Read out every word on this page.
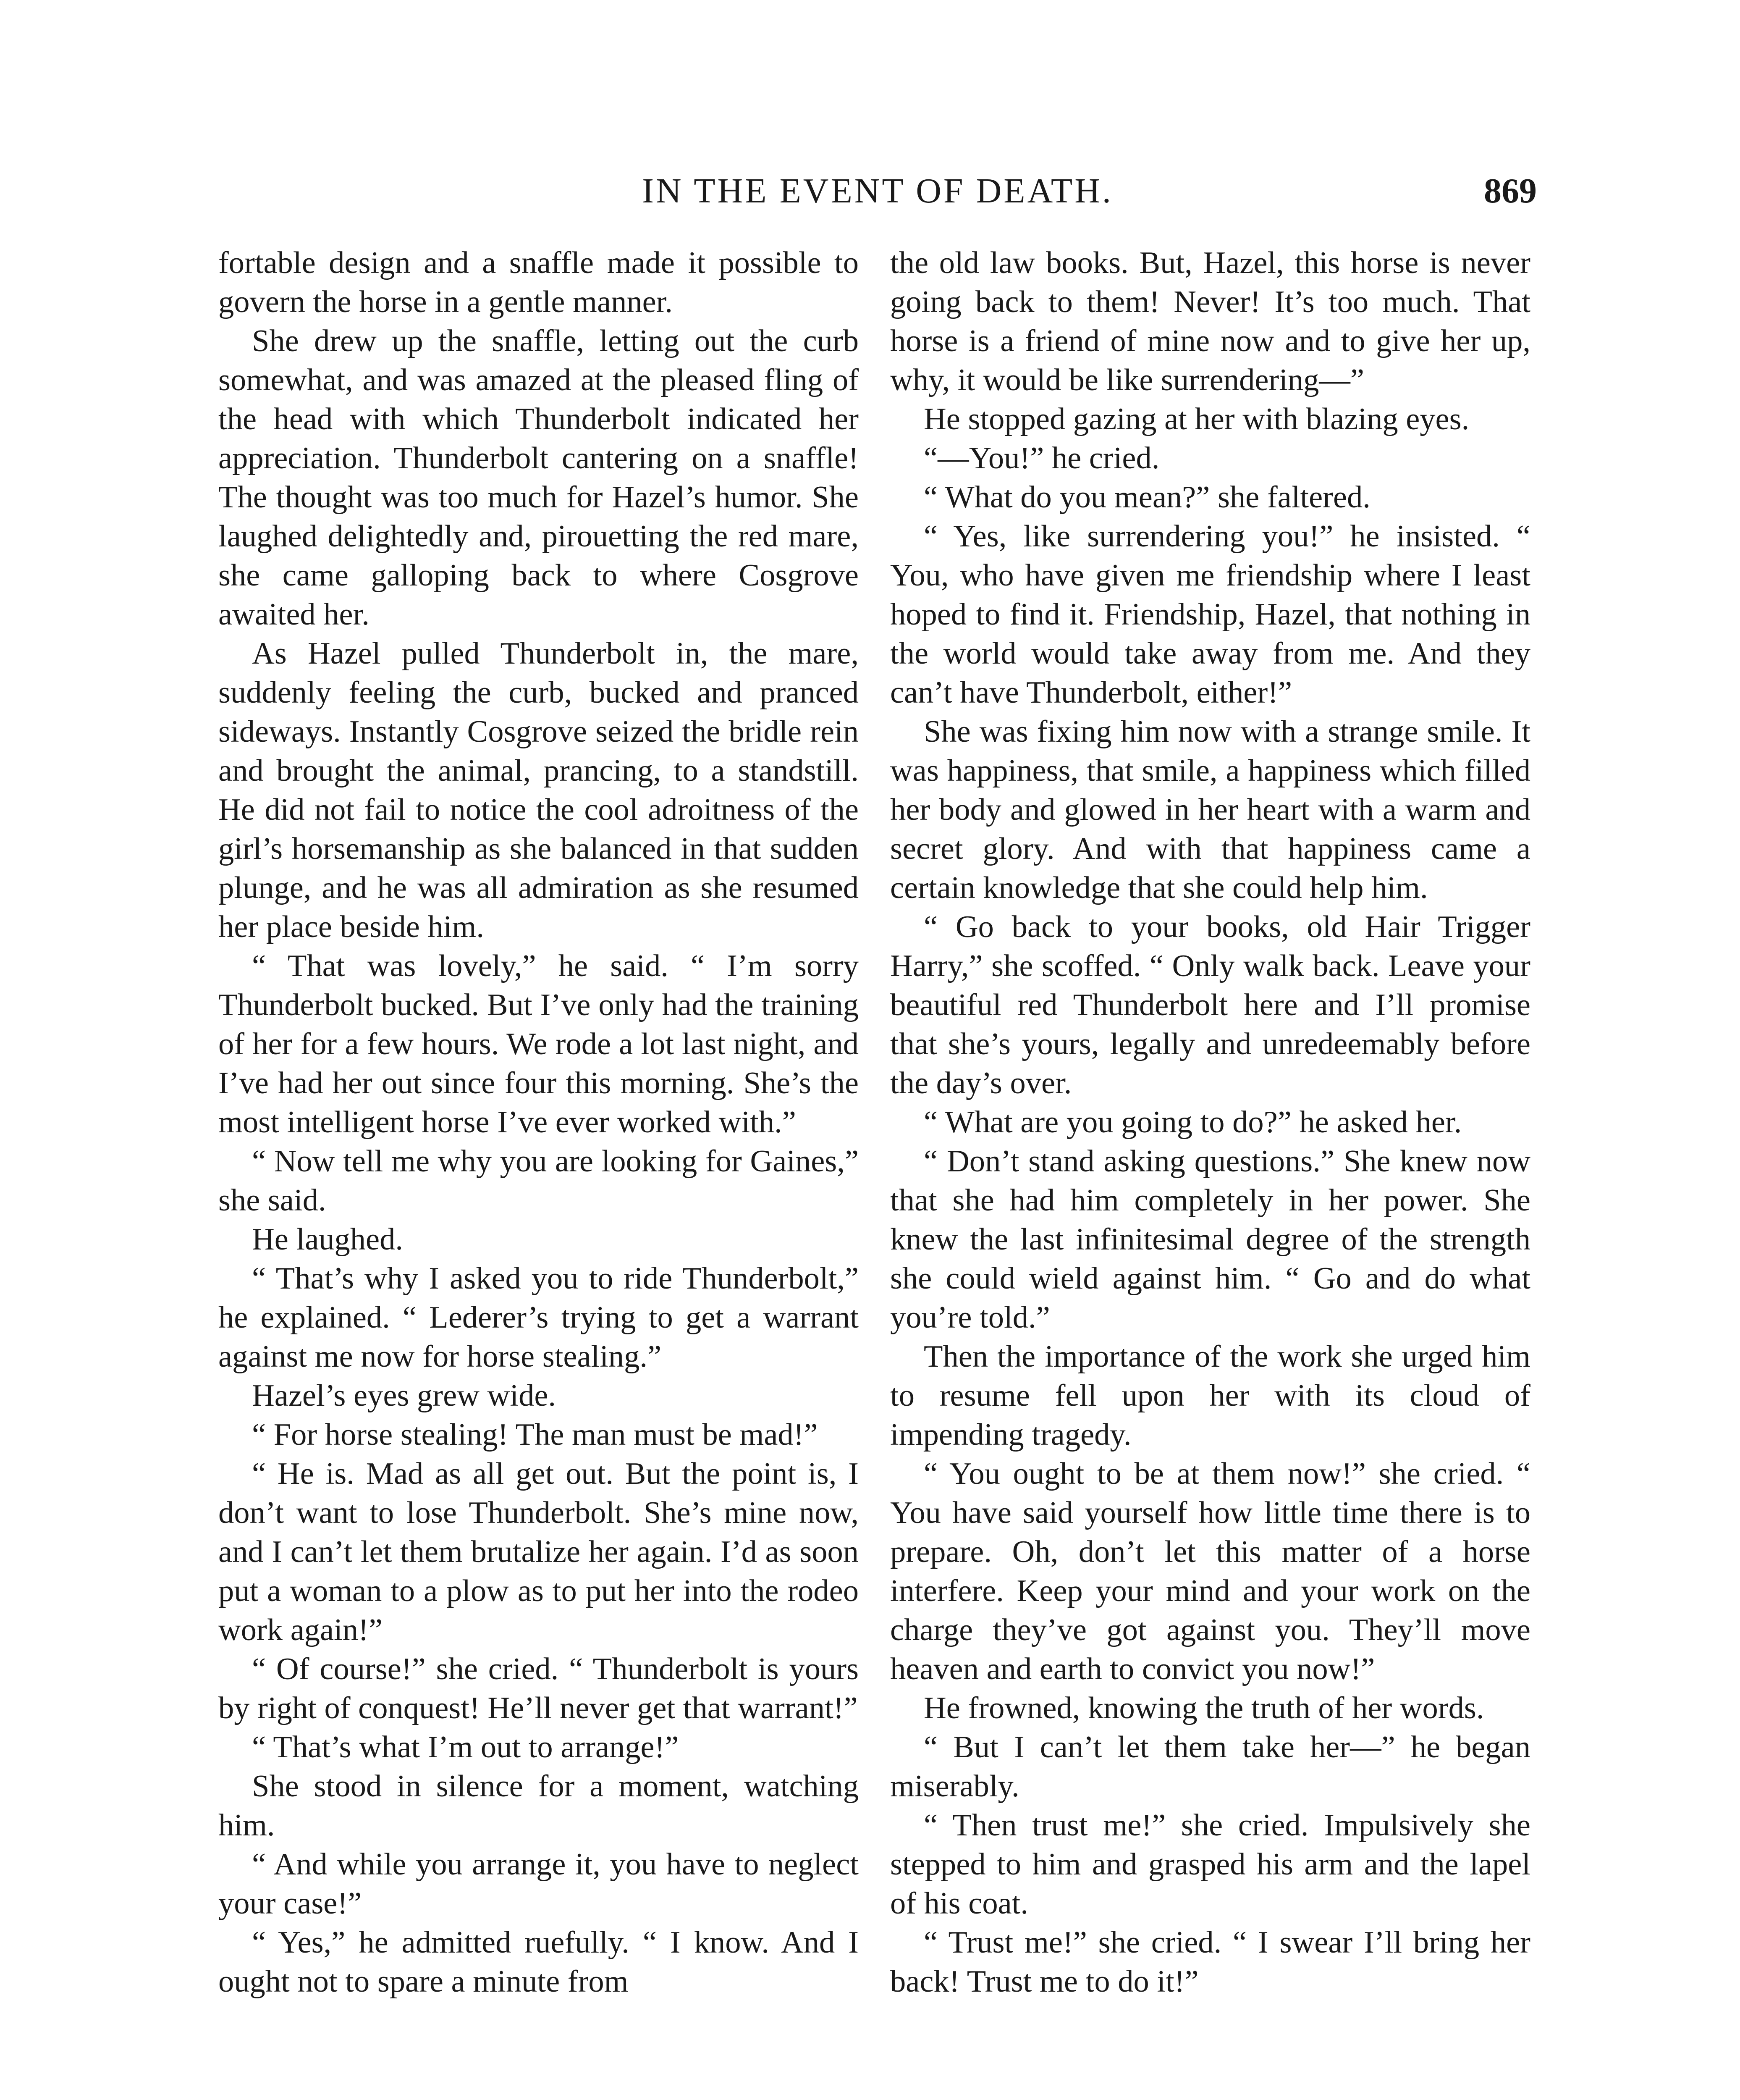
IN THE EVENT OF DEATH.	869

fortable design and a snaffle made it possible to govern the horse in a gentle manner.

She drew up the snaffle, letting out the curb somewhat, and was amazed at the pleased fling of the head with which Thunderbolt indicated her appreciation. Thunderbolt cantering on a snaffle! The thought was too much for Hazel’s humor. She laughed delightedly and, pirouetting the red mare, she came galloping back to where Cosgrove awaited her.

As Hazel pulled Thunderbolt in, the mare, suddenly feeling the curb, bucked and pranced sideways. Instantly Cosgrove seized the bridle rein and brought the animal, prancing, to a standstill. He did not fail to notice the cool adroitness of the girl’s horsemanship as she balanced in that sudden plunge, and he was all admiration as she resumed her place beside him.

“ That was lovely,” he said. “ I’m sorry Thunderbolt bucked. But I’ve only had the training of her for a few hours. We rode a lot last night, and I’ve had her out since four this morning. She’s the most intelligent horse I’ve ever worked with.”

“ Now tell me why you are looking for Gaines,” she said.

He laughed.

“ That’s why I asked you to ride Thunderbolt,” he explained. “ Lederer’s trying to get a warrant against me now for horse stealing.”

Hazel’s eyes grew wide.

“ For horse stealing! The man must be mad!”

“ He is. Mad as all get out. But the point is, I don’t want to lose Thunderbolt. She’s mine now, and I can’t let them brutalize her again. I’d as soon put a woman to a plow as to put her into the rodeo work again!”

“ Of course!” she cried. “ Thunderbolt is yours by right of conquest! He’ll never get that warrant!”

“ That’s what I’m out to arrange!”

She stood in silence for a moment, watching him.

“ And while you arrange it, you have to neglect your case!”

“ Yes,” he admitted ruefully. “ I know. And I ought not to spare a minute from

the old law books. But, Hazel, this horse is never going back to them! Never! It’s too much. That horse is a friend of mine now and to give her up, why, it would be like surrendering—”

He stopped gazing at her with blazing eyes.

“—You!” he cried.

“ What do you mean?” she faltered.

“ Yes, like surrendering you!” he insisted. “ You, who have given me friendship where I least hoped to find it. Friendship, Hazel, that nothing in the world would take away from me. And they can’t have Thunderbolt, either!”

She was fixing him now with a strange smile. It was happiness, that smile, a happiness which filled her body and glowed in her heart with a warm and secret glory. And with that happiness came a certain knowledge that she could help him.

“ Go back to your books, old Hair Trigger Harry,” she scoffed. “ Only walk back. Leave your beautiful red Thunderbolt here and I’ll promise that she’s yours, legally and unredeemably before the day’s over.

“ What are you going to do?” he asked her.

“ Don’t stand asking questions.” She knew now that she had him completely in her power. She knew the last infinitesimal degree of the strength she could wield against him. “ Go and do what you’re told.”

Then the importance of the work she urged him to resume fell upon her with its cloud of impending tragedy.

“ You ought to be at them now!” she cried. “ You have said yourself how little time there is to prepare. Oh, don’t let this matter of a horse interfere. Keep your mind and your work on the charge they’ve got against you. They’ll move heaven and earth to convict you now!”

He frowned, knowing the truth of her words.

“ But I can’t let them take her—” he began miserably.

“ Then trust me!” she cried. Impulsively she stepped to him and grasped his arm and the lapel of his coat.

“ Trust me!” she cried. “ I swear I’ll bring her back! Trust me to do it!”
